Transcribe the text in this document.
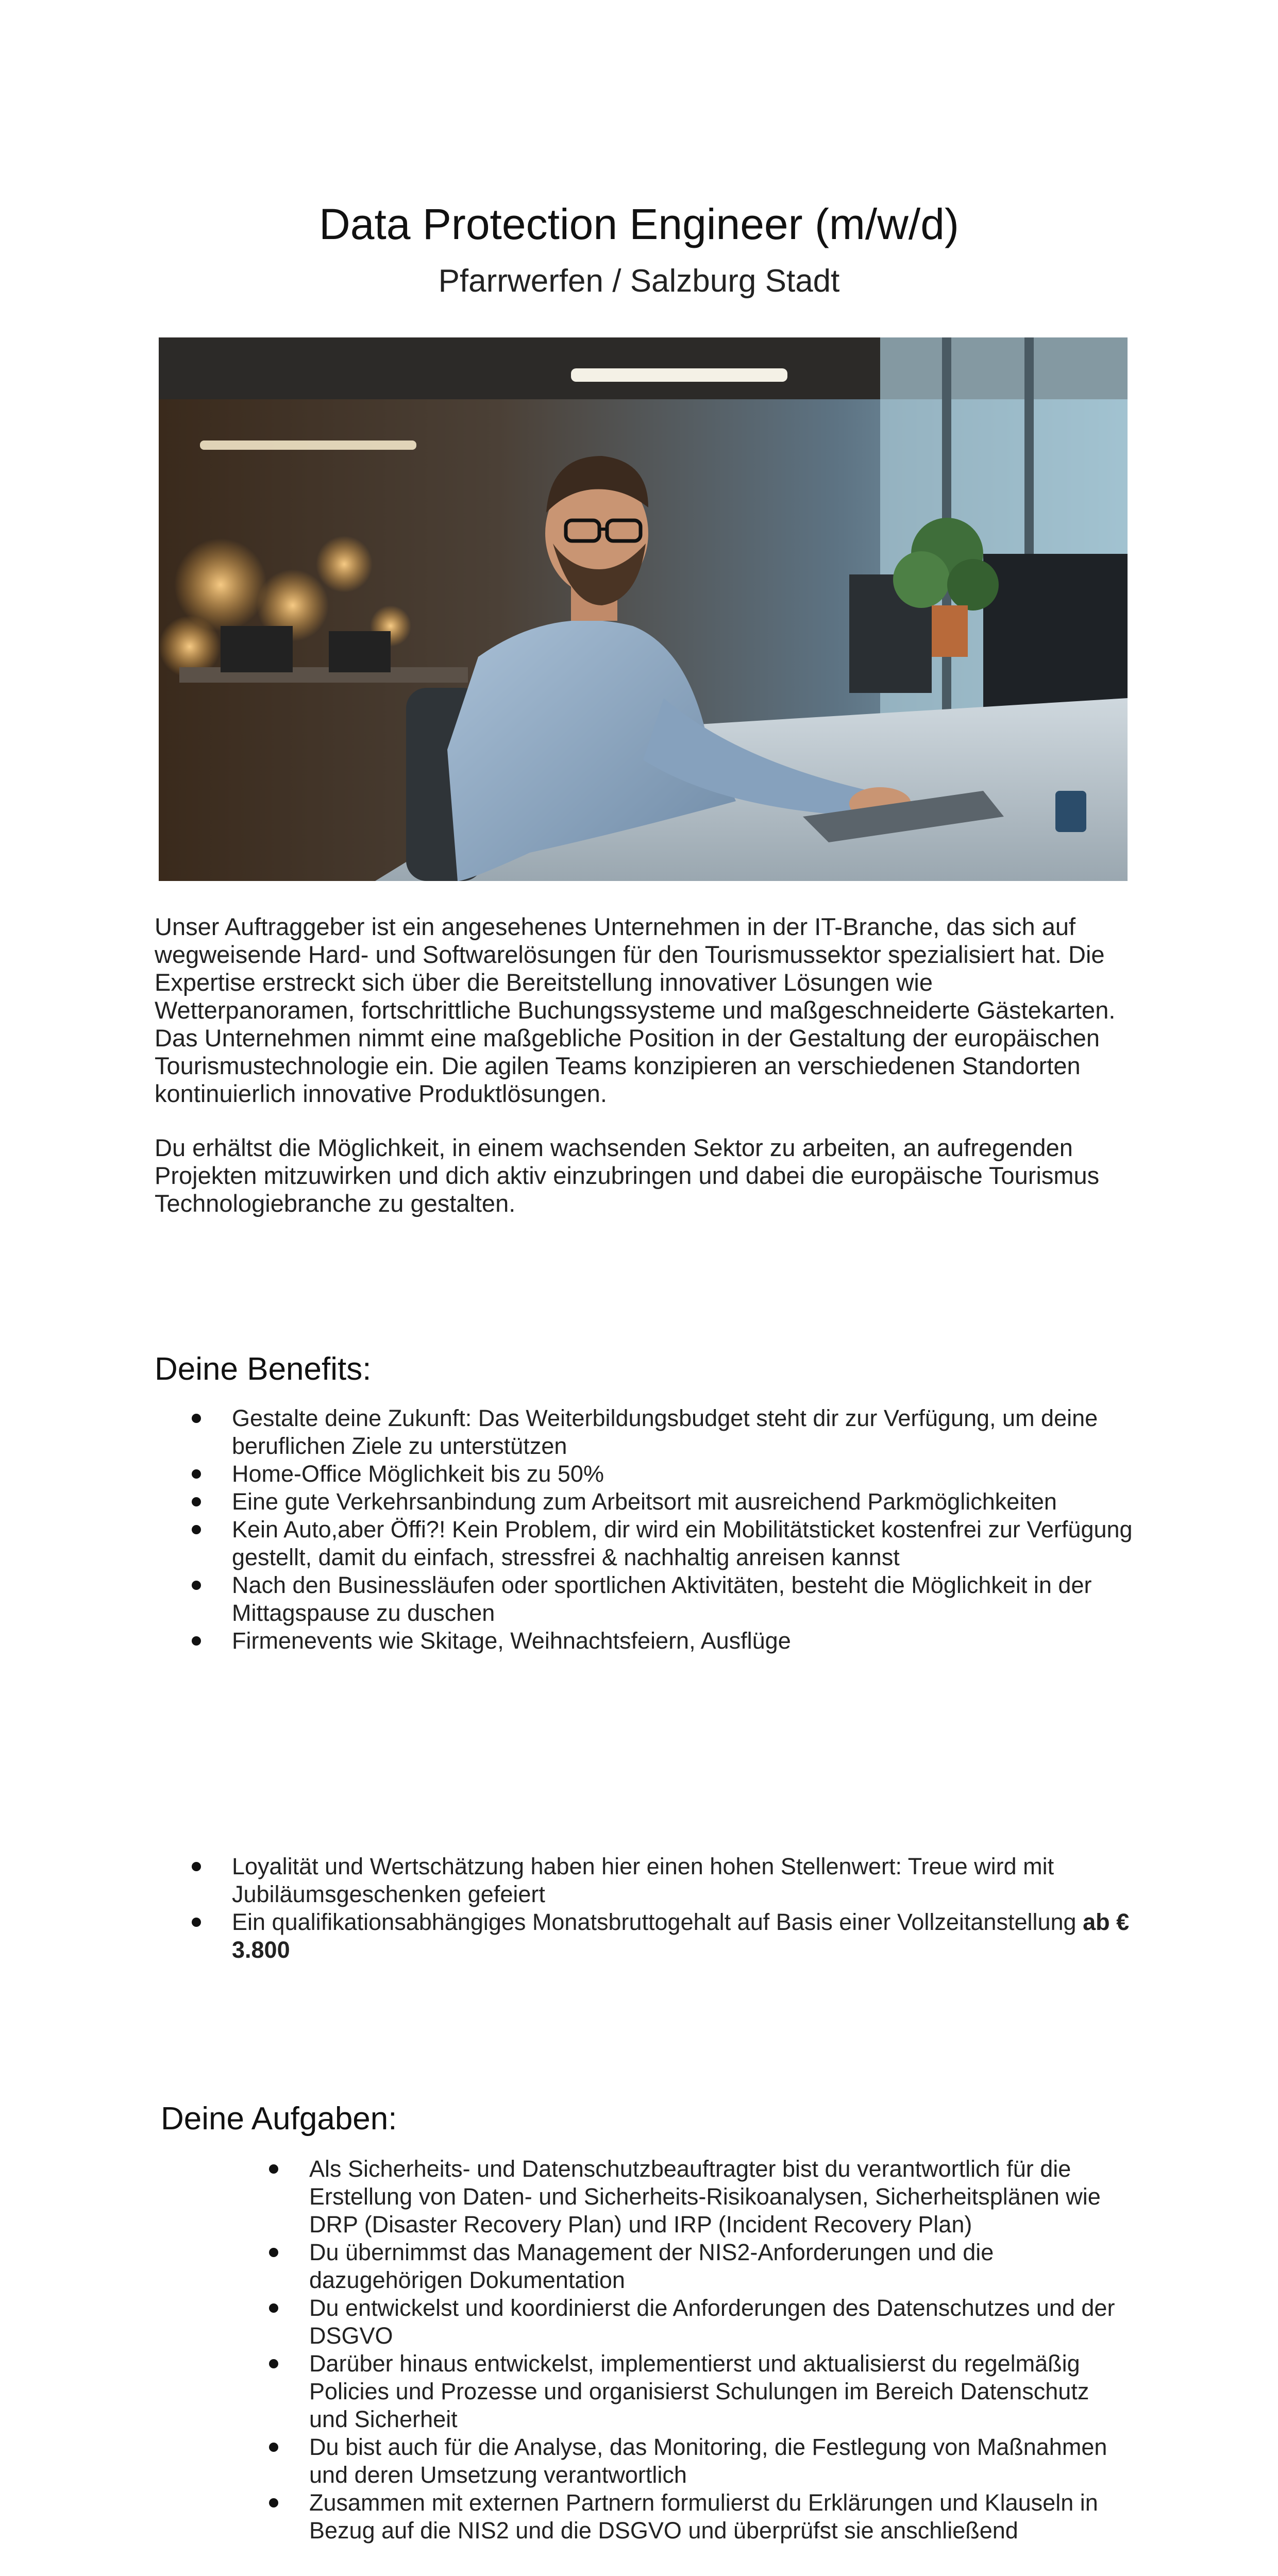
Data Protection Engineer (m/w/d)
Pfarrwerfen / Salzburg Stadt

Unser Auftraggeber ist ein angesehenes Unternehmen in der IT-Branche, das sich auf wegweisende Hard- und Softwarelösungen für den Tourismussektor spezialisiert hat. Die Expertise erstreckt sich über die Bereitstellung innovativer Lösungen wie Wetterpanoramen, fortschrittliche Buchungssysteme und maßgeschneiderte Gästekarten. Das Unternehmen nimmt eine maßgebliche Position in der Gestaltung der europäischen Tourismustechnologie ein. Die agilen Teams konzipieren an verschiedenen Standorten kontinuierlich innovative Produktlösungen.

Du erhältst die Möglichkeit, in einem wachsenden Sektor zu arbeiten, an aufregenden Projekten mitzuwirken und dich aktiv einzubringen und dabei die europäische Tourismus Technologiebranche zu gestalten.

Deine Benefits:
Gestalte deine Zukunft: Das Weiterbildungsbudget steht dir zur Verfügung, um deine beruflichen Ziele zu unterstützen
Home-Office Möglichkeit bis zu 50%
Eine gute Verkehrsanbindung zum Arbeitsort mit ausreichend Parkmöglichkeiten
Kein Auto,aber Öffi?! Kein Problem, dir wird ein Mobilitätsticket kostenfrei zur Verfügung gestellt, damit du einfach, stressfrei & nachhaltig anreisen kannst
Nach den Businessläufen oder sportlichen Aktivitäten, besteht die Möglichkeit in der Mittagspause zu duschen
Firmenevents wie Skitage, Weihnachtsfeiern, Ausflüge
Loyalität und Wertschätzung haben hier einen hohen Stellenwert: Treue wird mit Jubiläumsgeschenken gefeiert
Ein qualifikationsabhängiges Monatsbruttogehalt auf Basis einer Vollzeitanstellung ab € 3.800
Deine Aufgaben:
Als Sicherheits- und Datenschutzbeauftragter bist du verantwortlich für die Erstellung von Daten- und Sicherheits-Risikoanalysen, Sicherheitsplänen wie DRP (Disaster Recovery Plan) und IRP (Incident Recovery Plan)
Du übernimmst das Management der NIS2-Anforderungen und die dazugehörigen Dokumentation
Du entwickelst und koordinierst die Anforderungen des Datenschutzes und der DSGVO
Darüber hinaus entwickelst, implementierst und aktualisierst du regelmäßig Policies und Prozesse und organisierst Schulungen im Bereich Datenschutz und Sicherheit
Du bist auch für die Analyse, das Monitoring, die Festlegung von Maßnahmen und deren Umsetzung verantwortlich
Zusammen mit externen Partnern formulierst du Erklärungen und Klauseln in Bezug auf die NIS2 und die DSGVO und überprüfst sie anschließend
